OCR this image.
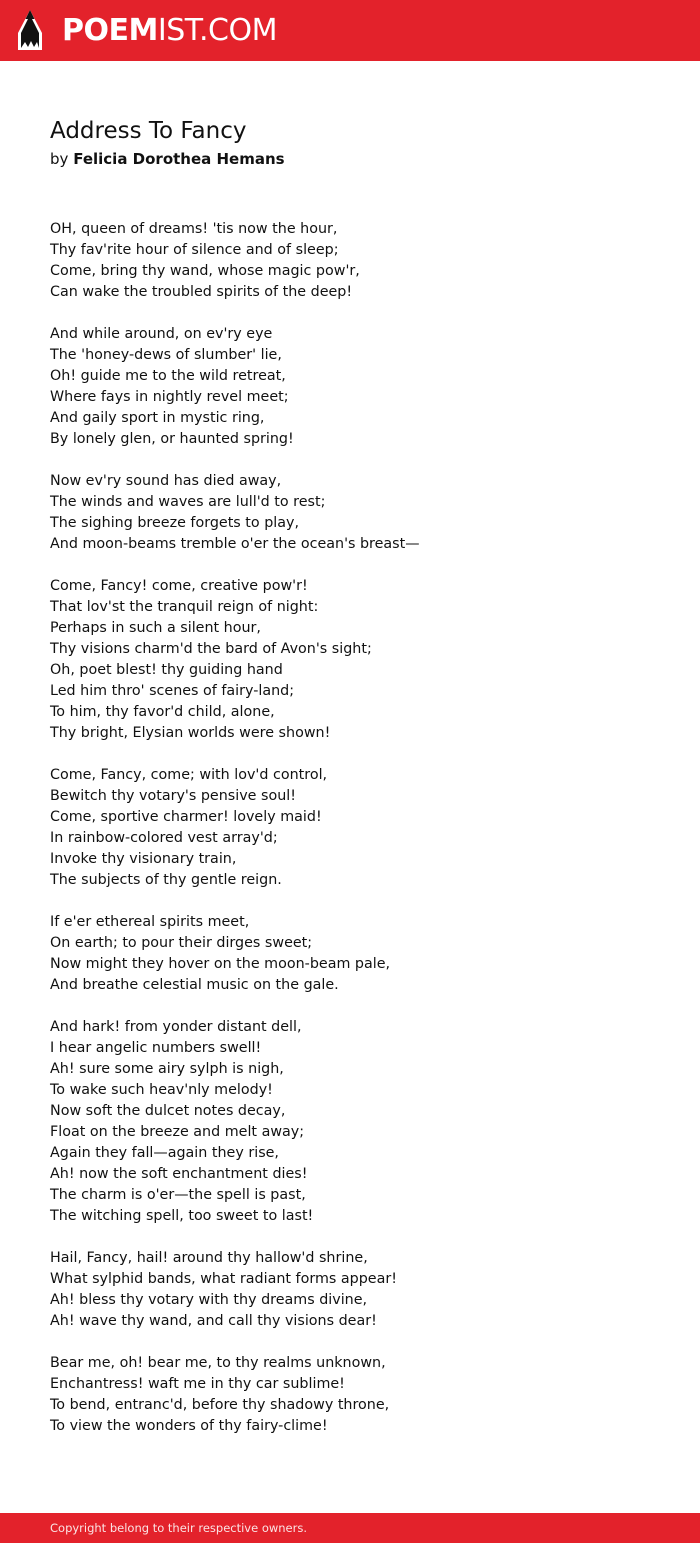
POEMIST.COM
Address To Fancy
by Felicia Dorothea Hemans
OH, queen of dreams! 'tis now the hour,
Thy fav'rite hour of silence and of sleep;
Come, bring thy wand, whose magic pow'r,
Can wake the troubled spirits of the deep!
And while around, on ev'ry eye
The 'honey-dews of slumber' lie,
Oh! guide me to the wild retreat,
Where fays in nightly revel meet;
And gaily sport in mystic ring,
By lonely glen, or haunted spring!
Now ev'ry sound has died away,
The winds and waves are lull'd to rest;
The sighing breeze forgets to play,
And moon-beams tremble o'er the ocean's breast—
Come, Fancy! come, creative pow'r!
That lov'st the tranquil reign of night:
Perhaps in such a silent hour,
Thy visions charm'd the bard of Avon's sight;
Oh, poet blest! thy guiding hand
Led him thro' scenes of fairy-land;
To him, thy favor'd child, alone,
Thy bright, Elysian worlds were shown!
Come, Fancy, come; with lov'd control,
Bewitch thy votary's pensive soul!
Come, sportive charmer! lovely maid!
In rainbow-colored vest array'd;
Invoke thy visionary train,
The subjects of thy gentle reign.
If e'er ethereal spirits meet,
On earth; to pour their dirges sweet;
Now might they hover on the moon-beam pale,
And breathe celestial music on the gale.
And hark! from yonder distant dell,
I hear angelic numbers swell!
Ah! sure some airy sylph is nigh,
To wake such heav'nly melody!
Now soft the dulcet notes decay,
Float on the breeze and melt away;
Again they fall—again they rise,
Ah! now the soft enchantment dies!
The charm is o'er—the spell is past,
The witching spell, too sweet to last!
Hail, Fancy, hail! around thy hallow'd shrine,
What sylphid bands, what radiant forms appear!
Ah! bless thy votary with thy dreams divine,
Ah! wave thy wand, and call thy visions dear!
Bear me, oh! bear me, to thy realms unknown,
Enchantress! waft me in thy car sublime!
To bend, entranc'd, before thy shadowy throne,
To view the wonders of thy fairy-clime!
Copyright belong to their respective owners.
